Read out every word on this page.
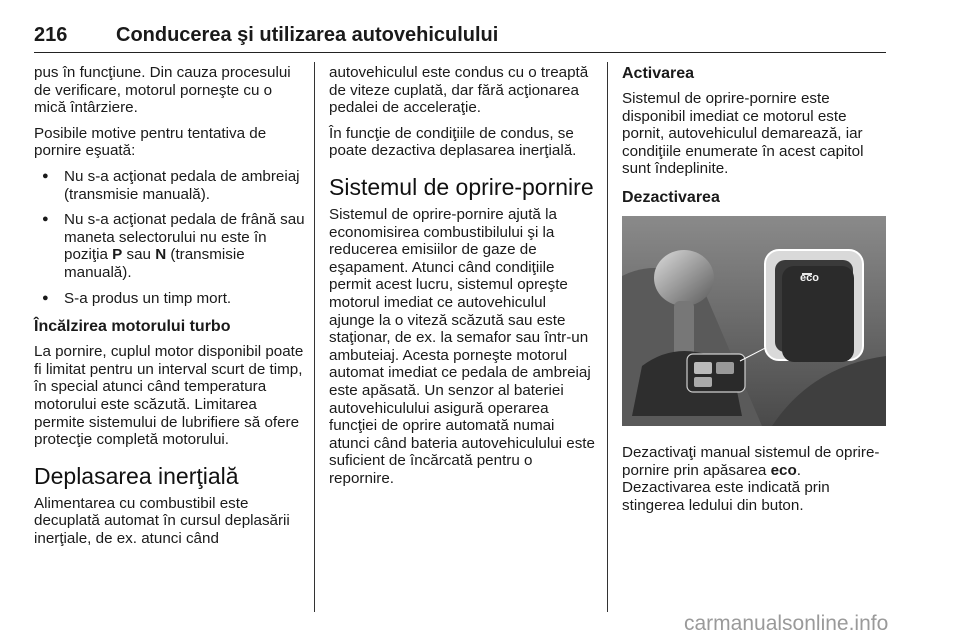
216 Conducerea şi utilizarea autovehiculului

pus în funcţiune. Din cauza procesului de verificare, motorul porneşte cu o mică întârziere.

Posibile motive pentru tentativa de pornire eşuată:

● Nu s-a acţionat pedala de ambreiaj (transmisie manuală).
● Nu s-a acţionat pedala de frână sau maneta selectorului nu este în poziţia P sau N (transmisie manuală).
● S-a produs un timp mort.
Încălzirea motorului turbo

La pornire, cuplul motor disponibil poate fi limitat pentru un interval scurt de timp, în special atunci când temperatura motorului este scăzută. Limitarea permite sistemului de lubrifiere să ofere protecţie completă motorului.

Deplasarea inerţială

Alimentarea cu combustibil este decuplată automat în cursul deplasării inerţiale, de ex. atunci când

autovehiculul este condus cu o treaptă de viteze cuplată, dar fără acţionarea pedalei de acceleraţie.

În funcţie de condiţiile de condus, se poate dezactiva deplasarea inerţială.

Sistemul de oprire-pornire

Sistemul de oprire-pornire ajută la economisirea combustibilului şi la reducerea emisiilor de gaze de eşapament. Atunci când condiţiile permit acest lucru, sistemul opreşte motorul imediat ce autovehiculul ajunge la o viteză scăzută sau este staţionar, de ex. la semafor sau într-un ambuteiaj. Acesta porneşte motorul automat imediat ce pedala de ambreiaj este apăsată. Un senzor al bateriei autovehiculului asigură operarea funcţiei de oprire automată numai atunci când bateria autovehiculului este suficient de încărcată pentru o repornire.

Activarea

Sistemul de oprire-pornire este disponibil imediat ce motorul este pornit, autovehiculul demarează, iar condiţiile enumerate în acest capitol sunt îndeplinite.

Dezactivarea
eco

Dezactivaţi manual sistemul de oprire-pornire prin apăsarea eco. Dezactivarea este indicată prin stingerea ledului din buton.

carmanualsonline.info
